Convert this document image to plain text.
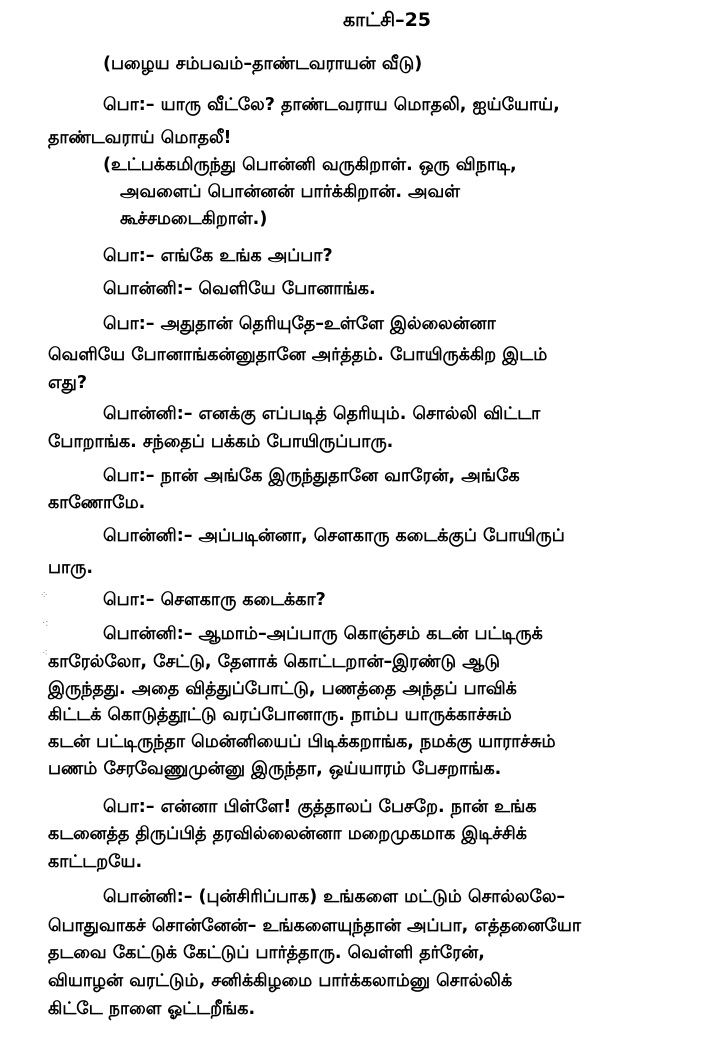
காட்சி–25
(பழைய சம்பவம்–தாண்டவராயன் வீடு)
பொ:– யாரு வீட்லே? தாண்டவராய மொதலி, ஐய்யோய்,
தாண்டவராய் மொதலீ!
(உட்பக்கமிருந்து பொன்னி வருகிறாள். ஒரு விநாடி,
அவளைப் பொன்னன் பார்க்கிறான். அவள்
கூச்சமடைகிறாள்.)
பொ:– எங்கே உங்க அப்பா?
பொன்னி:– வெளியே போனாங்க.
பொ:– அதுதான் தெரியுதே–உள்ளே இல்லைன்னா
வெளியே போனாங்கன்னுதானே அர்த்தம். போயிருக்கிற இடம்
எது?
பொன்னி:– எனக்கு எப்படித் தெரியும். சொல்லி விட்டா
போறாங்க. சந்தைப் பக்கம் போயிருப்பாரு.
பொ:– நான் அங்கே இருந்துதானே வாரேன், அங்கே
காணோமே.
பொன்னி:– அப்படின்னா, சௌகாரு கடைக்குப் போயிருப்
பாரு.
பொ:– சௌகாரு கடைக்கா?
பொன்னி:– ஆமாம்–அப்பாரு கொஞ்சம் கடன் பட்டிருக்
காரேல்லோ, சேட்டு, தேளாக் கொட்டறான்–இரண்டு ஆடு
இருந்தது. அதை வித்துப்போட்டு, பணத்தை அந்தப் பாவிக்
கிட்டக் கொடுத்தூட்டு வரப்போனாரு. நாம்ப யாருக்காச்சும்
கடன் பட்டிருந்தா மென்னியைப் பிடிக்கறாங்க, நமக்கு யாராச்சும்
பணம் சேரவேணுமுன்னு இருந்தா, ஒய்யாரம் பேசறாங்க.
பொ:– என்னா பிள்ளே! குத்தாலப் பேசறே. நான் உங்க
கடனைத்த திருப்பித் தரவில்லைன்னா மறைமுகமாக இடிச்சிக்
காட்டறயே.
பொன்னி:– (புன்சிரிப்பாக) உங்களை மட்டும் சொல்லலே–
பொதுவாகச் சொன்னேன்– உங்களையுந்தான் அப்பா, எத்தனையோ
தடவை கேட்டுக் கேட்டுப் பார்த்தாரு. வெள்ளி தர்ரேன்,
வியாழன் வரட்டும், சனிக்கிழமை பார்க்கலாம்னு சொல்லிக்
கிட்டே நாளை ஓட்டறீங்க.
⁘
·:
⁖
